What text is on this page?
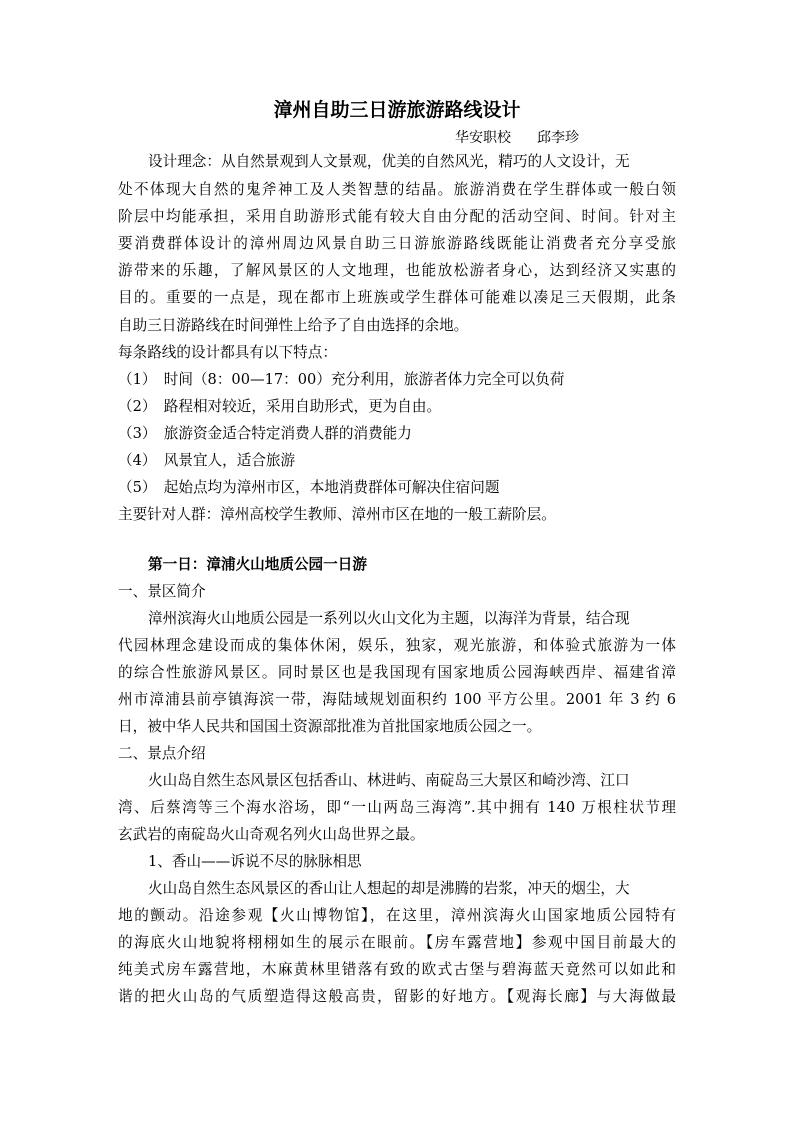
漳州自助三日游旅游路线设计
华安职校 邱李珍
设计理念：从自然景观到人文景观，优美的自然风光，精巧的人文设计，无
处不体现大自然的鬼斧神工及人类智慧的结晶。旅游消费在学生群体或一般白领
阶层中均能承担，采用自助游形式能有较大自由分配的活动空间、时间。针对主
要消费群体设计的漳州周边风景自助三日游旅游路线既能让消费者充分享受旅
游带来的乐趣，了解风景区的人文地理，也能放松游者身心，达到经济又实惠的
目的。重要的一点是，现在都市上班族或学生群体可能难以凑足三天假期，此条
自助三日游路线在时间弹性上给予了自由选择的余地。
每条路线的设计都具有以下特点：
（1）　时间（8：00—17：00）充分利用，旅游者体力完全可以负荷
（2）　路程相对较近，采用自助形式，更为自由。
（3）　旅游资金适合特定消费人群的消费能力
（4）　风景宜人，适合旅游
（5）　起始点均为漳州市区，本地消费群体可解决住宿问题
主要针对人群：漳州高校学生教师、漳州市区在地的一般工薪阶层。
第一日：漳浦火山地质公园一日游
一、景区简介
漳州滨海火山地质公园是一系列以火山文化为主题，以海洋为背景，结合现
代园林理念建设而成的集体休闲，娱乐，独家，观光旅游，和体验式旅游为一体
的综合性旅游风景区。同时景区也是我国现有国家地质公园海峡西岸、福建省漳
州市漳浦县前亭镇海滨一带，海陆域规划面积约 100 平方公里。2001 年 3 约 6
日，被中华人民共和国国土资源部批准为首批国家地质公园之一。
二、景点介绍
火山岛自然生态风景区包括香山、林进屿、南碇岛三大景区和崎沙湾、江口
湾、后蔡湾等三个海水浴场，即“一山两岛三海湾”.其中拥有 140 万根柱状节理
玄武岩的南碇岛火山奇观名列火山岛世界之最。
1、香山——诉说不尽的脉脉相思
火山岛自然生态风景区的香山让人想起的却是沸腾的岩浆，冲天的烟尘，大
地的颤动。沿途参观【火山博物馆】，在这里，漳州滨海火山国家地质公园特有
的海底火山地貌将栩栩如生的展示在眼前。【房车露营地】参观中国目前最大的
纯美式房车露营地，木麻黄林里错落有致的欧式古堡与碧海蓝天竟然可以如此和
谐的把火山岛的气质塑造得这般高贵，留影的好地方。【观海长廊】与大海做最
